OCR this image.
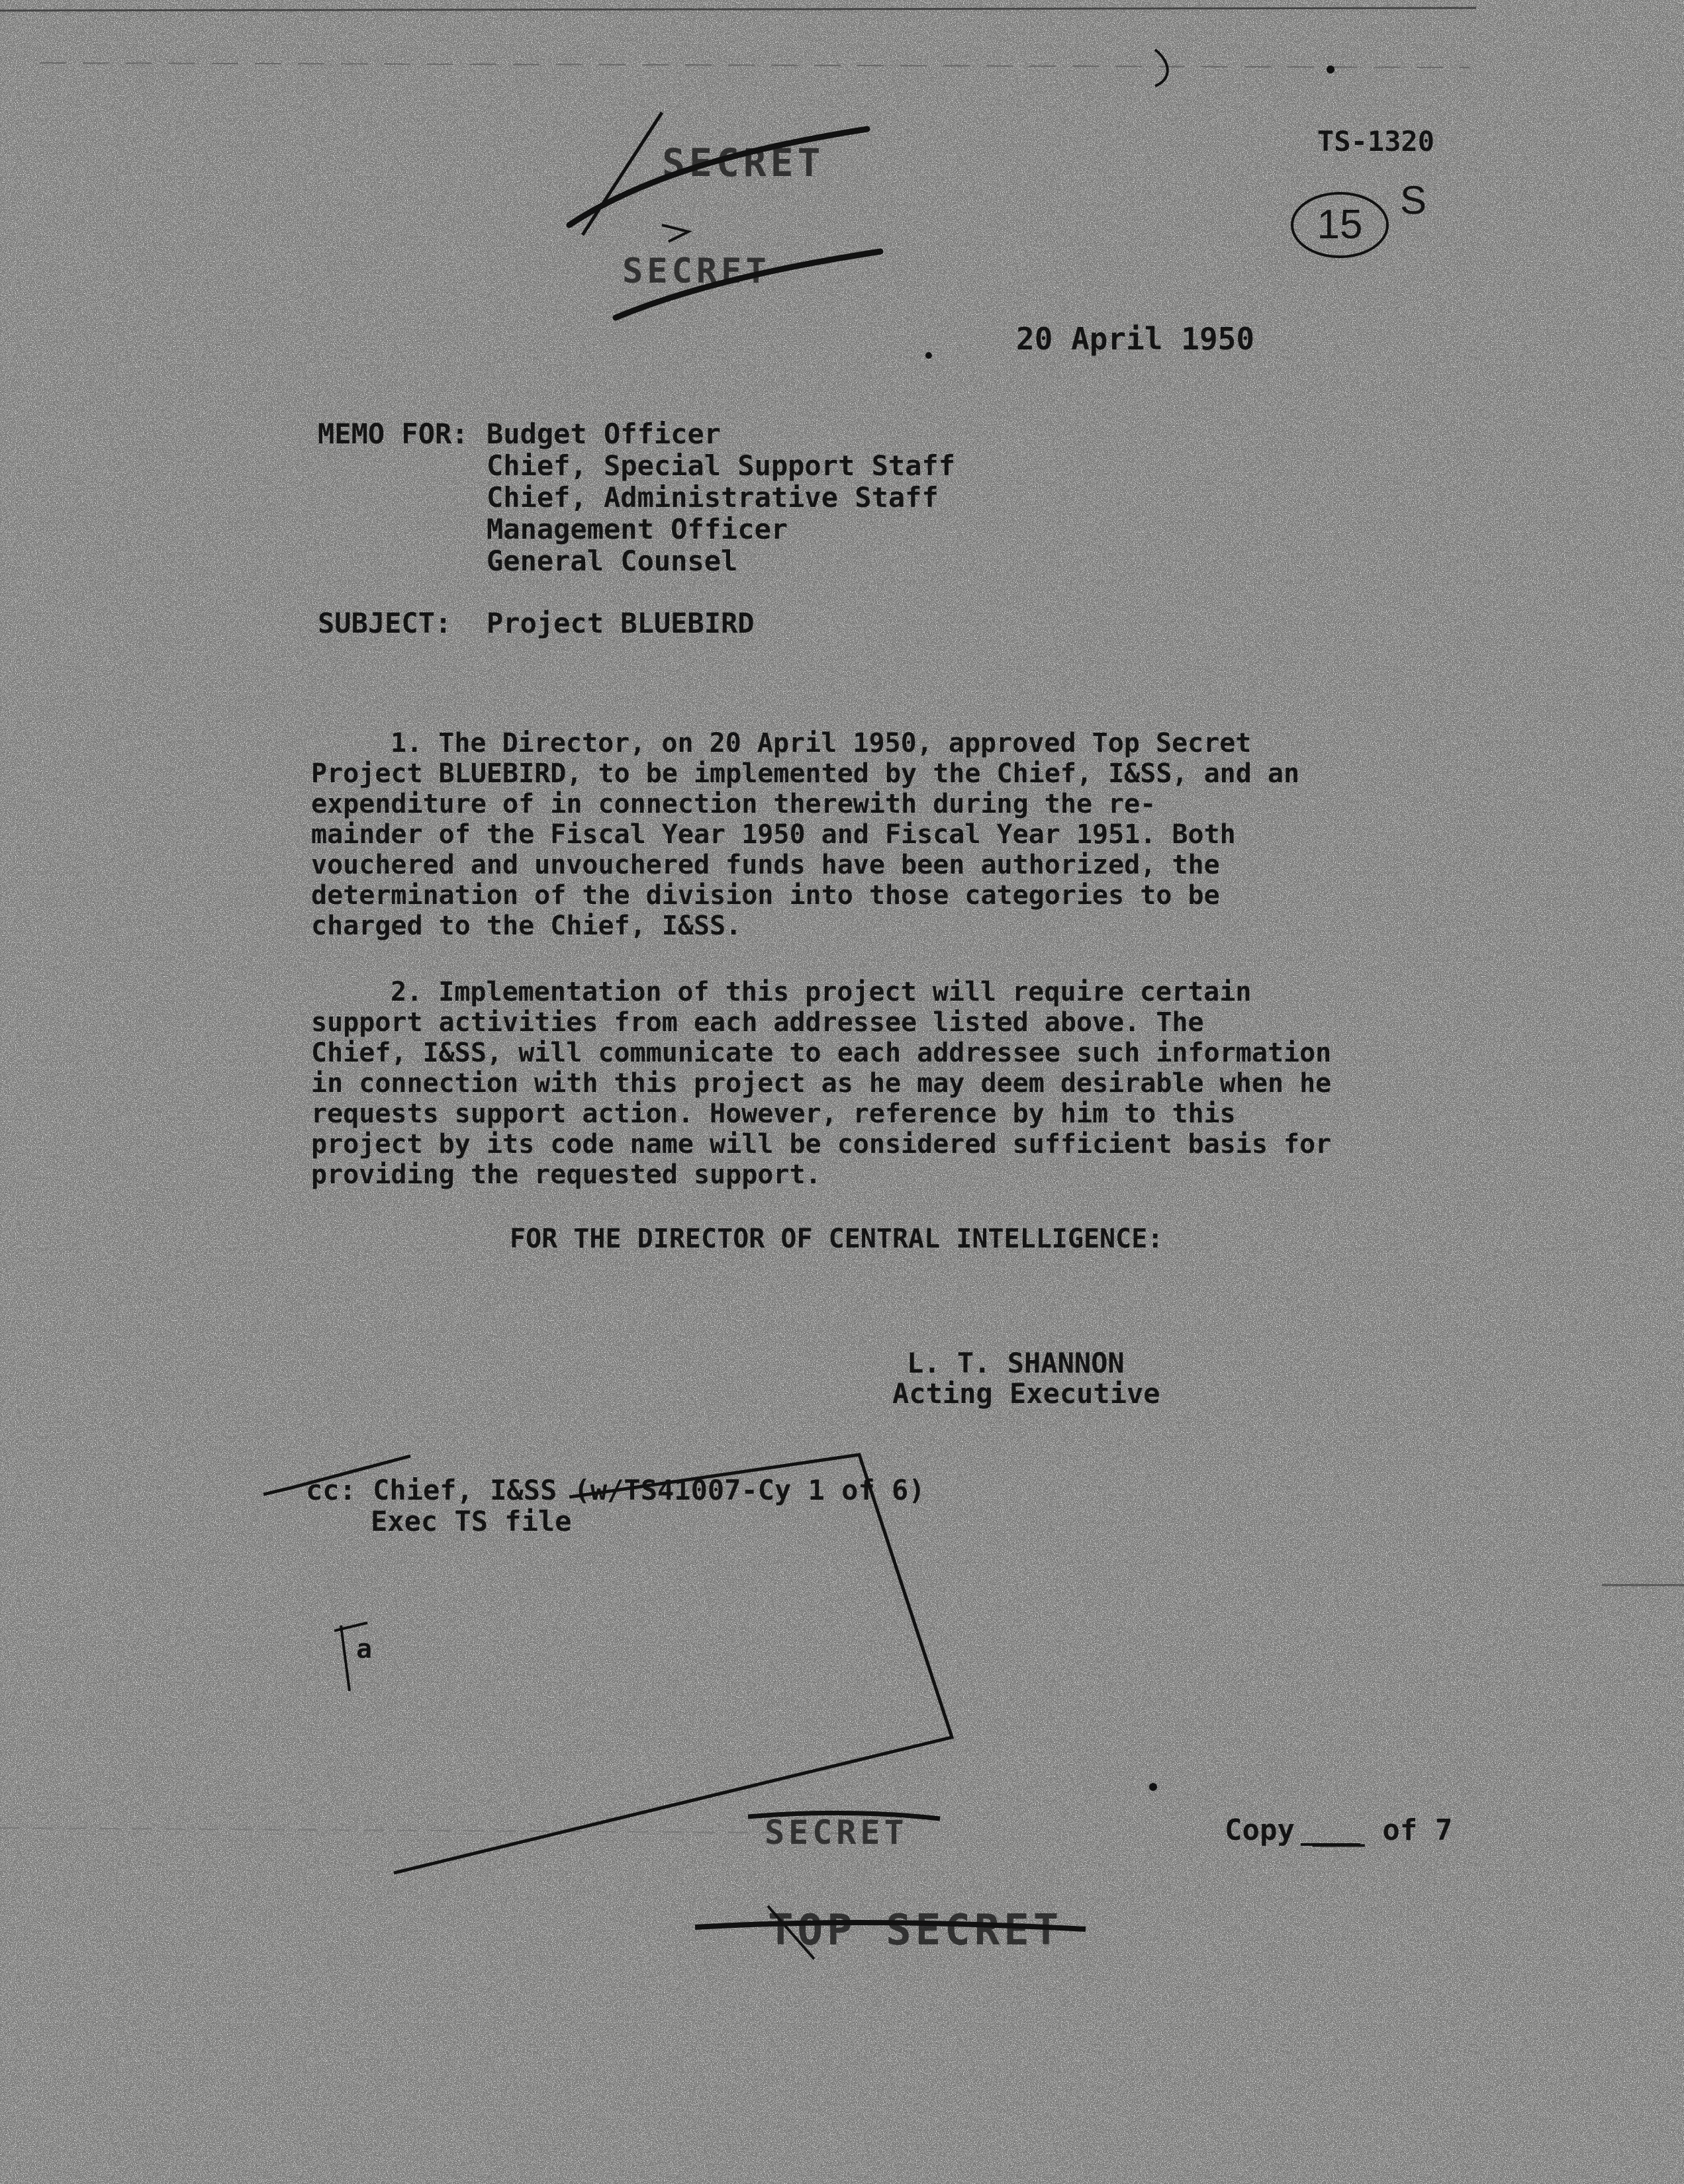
SECRET
SECRET
TS-1320
15
S
20 April 1950
MEMO FOR: Budget Officer
Chief, Special Support Staff
Chief, Administrative Staff
Management Officer
General Counsel
SUBJECT: Project BLUEBIRD
1. The Director, on 20 April 1950, approved Top Secret
Project BLUEBIRD, to be implemented by the Chief, I&SS, and an
expenditure of in connection therewith during the re-
mainder of the Fiscal Year 1950 and Fiscal Year 1951. Both
vouchered and unvouchered funds have been authorized, the
determination of the division into those categories to be
charged to the Chief, I&SS.
2. Implementation of this project will require certain
support activities from each addressee listed above. The
Chief, I&SS, will communicate to each addressee such information
in connection with this project as he may deem desirable when he
requests support action. However, reference by him to this
project by its code name will be considered sufficient basis for
providing the requested support.
FOR THE DIRECTOR OF CENTRAL INTELLIGENCE:
L. T. SHANNON
Acting Executive
cc: Chief, I&SS (w/TS41007-Cy 1 of 6)
Exec TS file
a
Copy ___ of 7
SECRET
TOP SECRET
